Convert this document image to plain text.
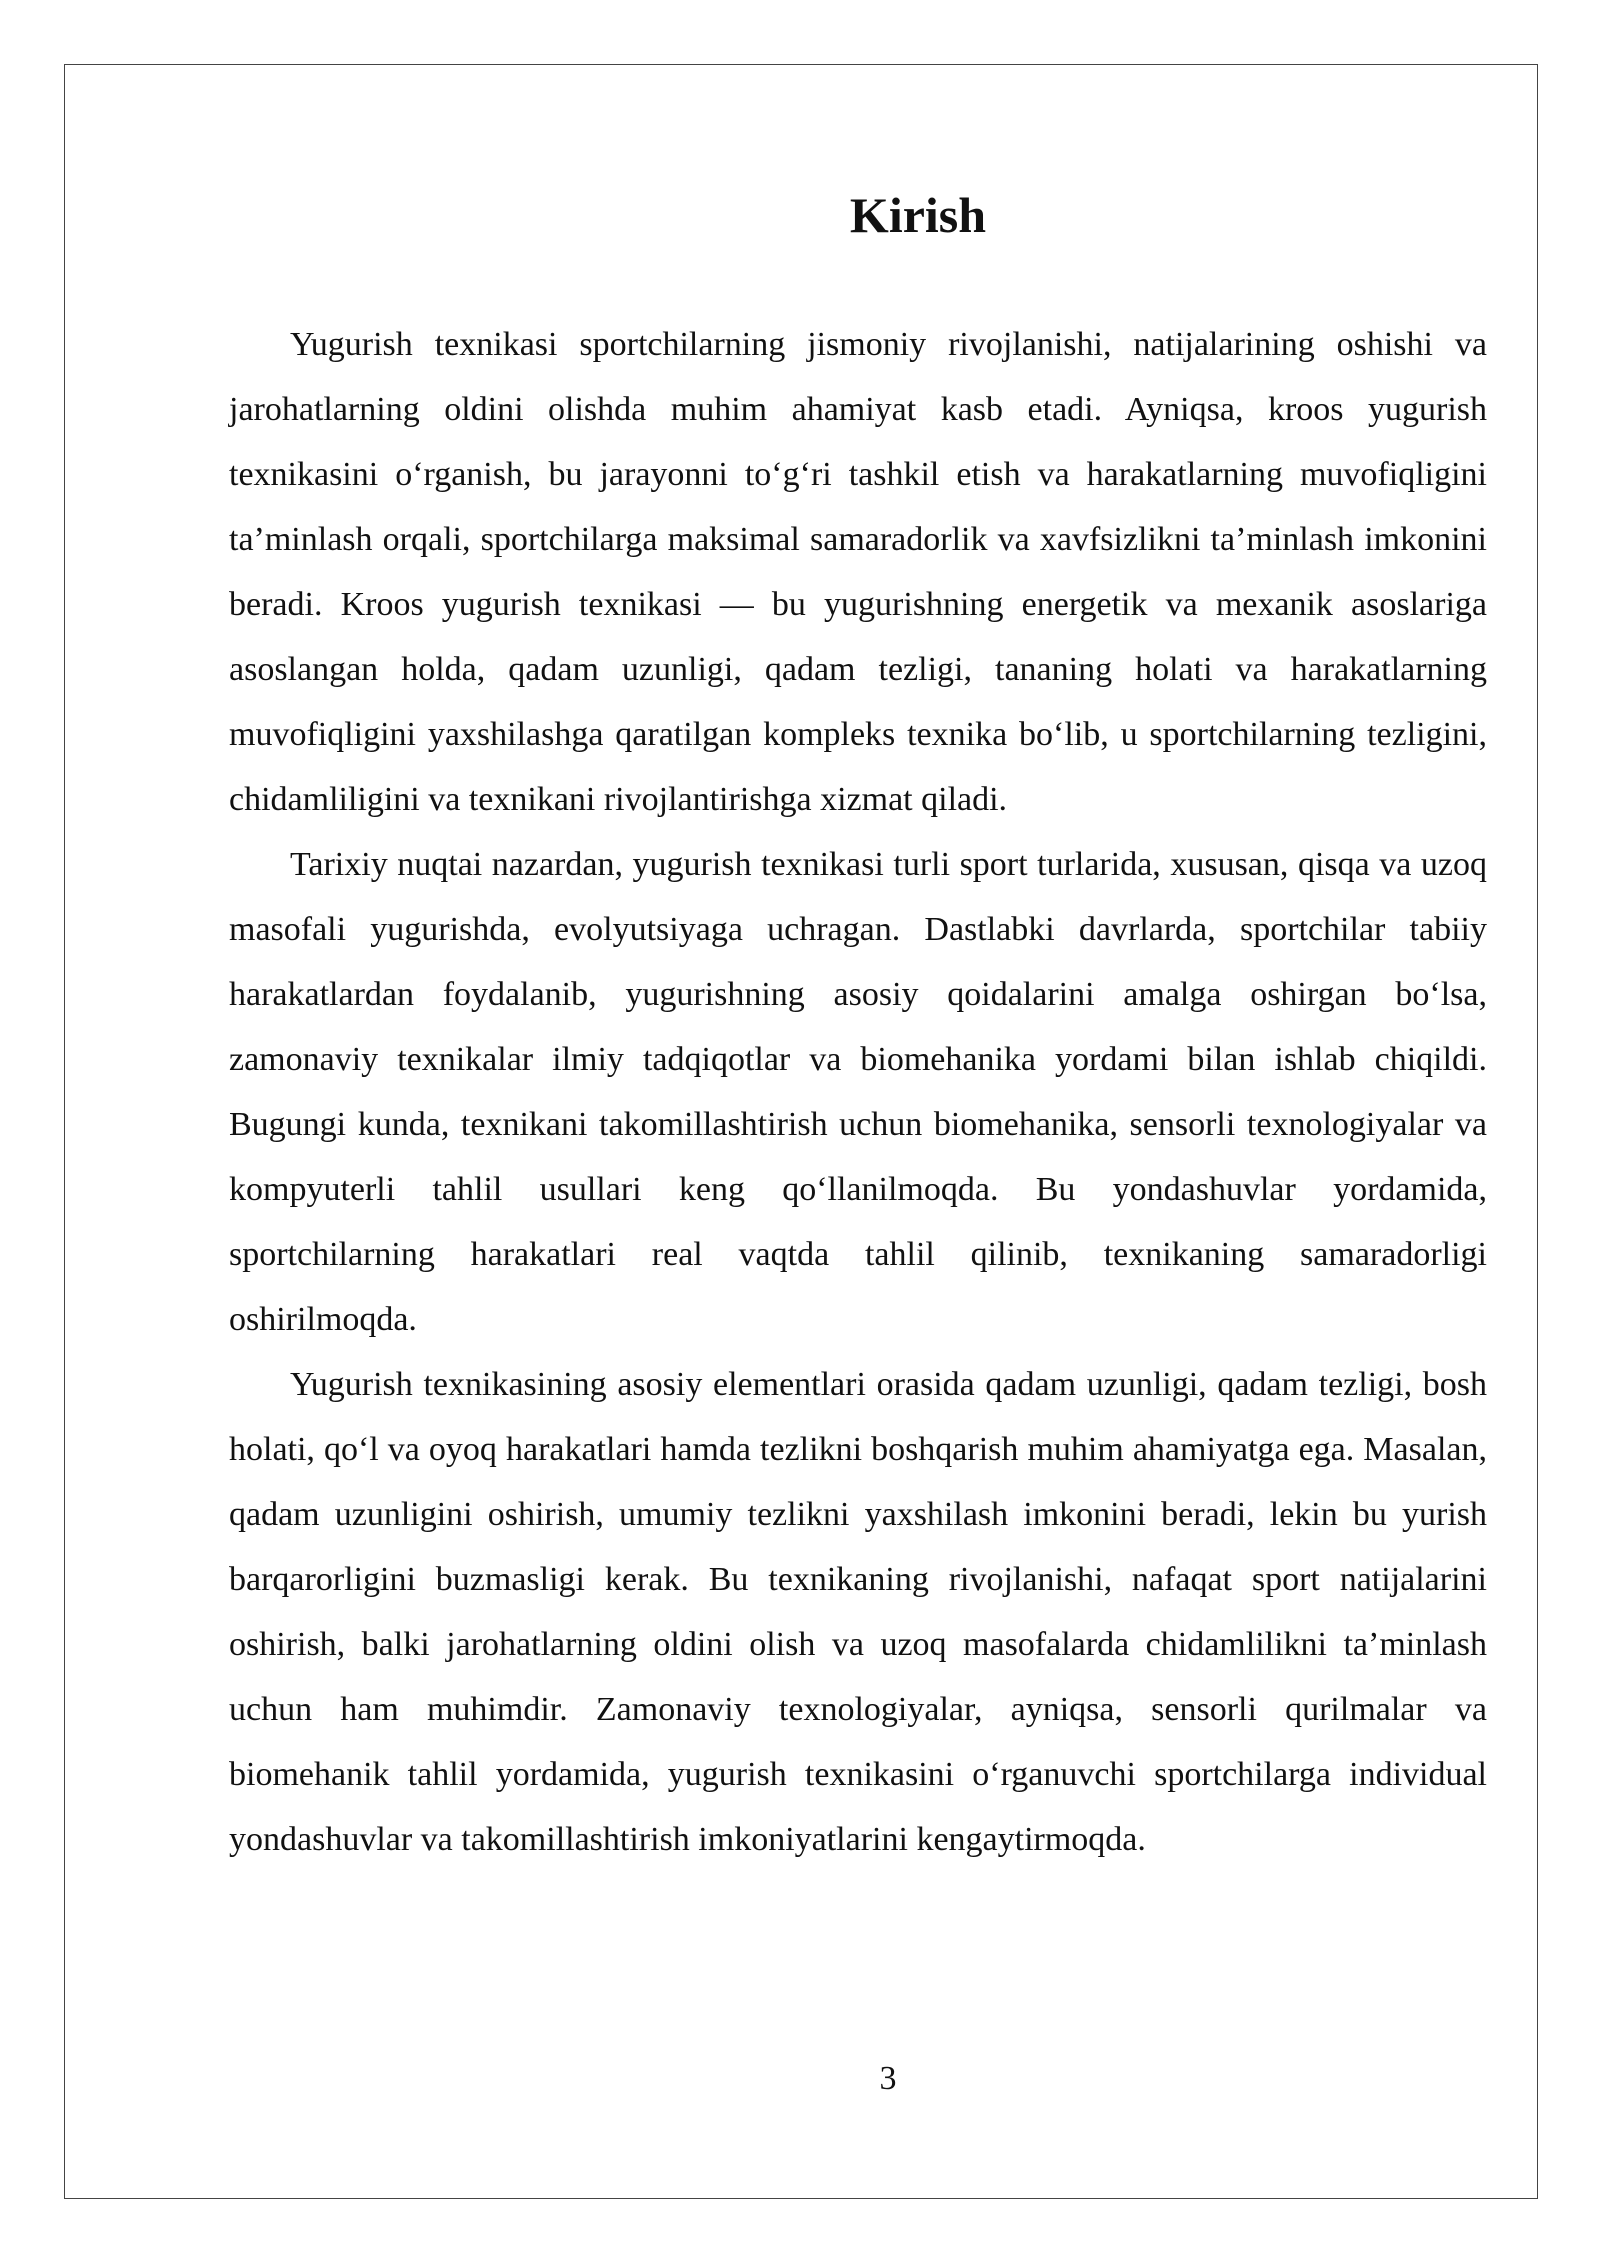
Kirish

Yugurish texnikasi sportchilarning jismoniy rivojlanishi, natijalarining oshishi va jarohatlarning oldini olishda muhim ahamiyat kasb etadi. Ayniqsa, kroos yugurish texnikasini o‘rganish, bu jarayonni to‘g‘ri tashkil etish va harakatlarning muvofiqligini ta’minlash orqali, sportchilarga maksimal samaradorlik va xavfsizlikni ta’minlash imkonini beradi. Kroos yugurish texnikasi — bu yugurishning energetik va mexanik asoslariga asoslangan holda, qadam uzunligi, qadam tezligi, tananing holati va harakatlarning muvofiqligini yaxshilashga qaratilgan kompleks texnika bo‘lib, u sportchilarning tezligini, chidamliligini va texnikani rivojlantirishga xizmat qiladi.

Tarixiy nuqtai nazardan, yugurish texnikasi turli sport turlarida, xususan, qisqa va uzoq masofali yugurishda, evolyutsiyaga uchragan. Dastlabki davrlarda, sportchilar tabiiy harakatlardan foydalanib, yugurishning asosiy qoidalarini amalga oshirgan bo‘lsa, zamonaviy texnikalar ilmiy tadqiqotlar va biomehanika yordami bilan ishlab chiqildi. Bugungi kunda, texnikani takomillashtirish uchun biomehanika, sensorli texnologiyalar va kompyuterli tahlil usullari keng qo‘llanilmoqda. Bu yondashuvlar yordamida, sportchilarning harakatlari real vaqtda tahlil qilinib, texnikaning samaradorligi oshirilmoqda.

Yugurish texnikasining asosiy elementlari orasida qadam uzunligi, qadam tezligi, bosh holati, qo‘l va oyoq harakatlari hamda tezlikni boshqarish muhim ahamiyatga ega. Masalan, qadam uzunligini oshirish, umumiy tezlikni yaxshilash imkonini beradi, lekin bu yurish barqarorligini buzmasligi kerak. Bu texnikaning rivojlanishi, nafaqat sport natijalarini oshirish, balki jarohatlarning oldini olish va uzoq masofalarda chidamlilikni ta’minlash uchun ham muhimdir. Zamonaviy texnologiyalar, ayniqsa, sensorli qurilmalar va biomehanik tahlil yordamida, yugurish texnikasini o‘rganuvchi sportchilarga individual yondashuvlar va takomillashtirish imkoniyatlarini kengaytirmoqda.

3
